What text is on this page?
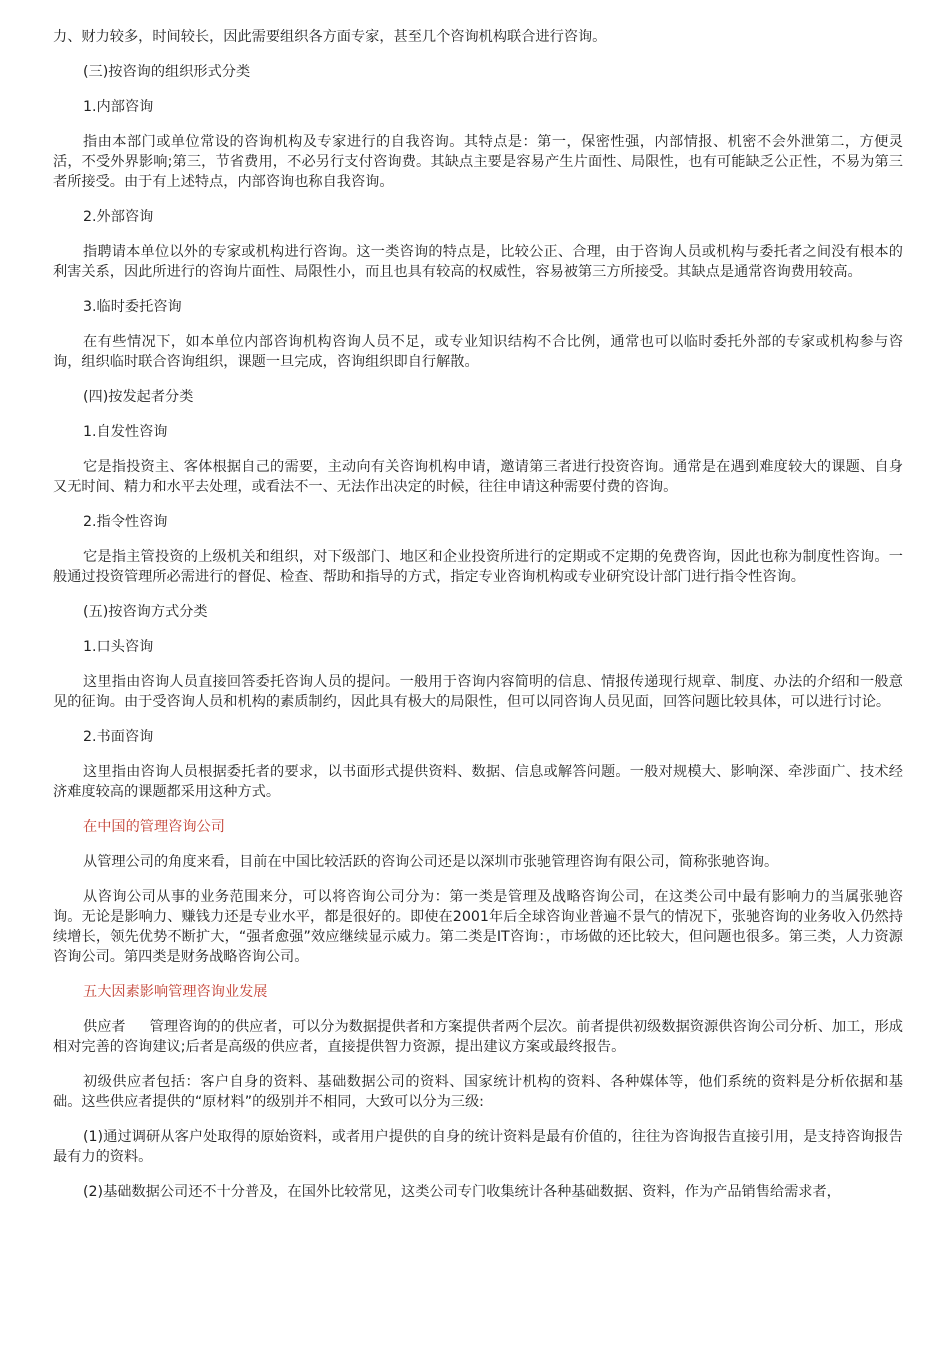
力、财力较多，时间较长，因此需要组织各方面专家，甚至几个咨询机构联合进行咨询。

(三)按咨询的组织形式分类

1.内部咨询

指由本部门或单位常设的咨询机构及专家进行的自我咨询。其特点是：第一，保密性强，内部情报、机密不会外泄第二，方便灵活，不受外界影响;第三，节省费用，不必另行支付咨询费。其缺点主要是容易产生片面性、局限性，也有可能缺乏公正性，不易为第三者所接受。由于有上述特点，内部咨询也称自我咨询。

2.外部咨询

指聘请本单位以外的专家或机构进行咨询。这一类咨询的特点是，比较公正、合理，由于咨询人员或机构与委托者之间没有根本的利害关系，因此所进行的咨询片面性、局限性小，而且也具有较高的权威性，容易被第三方所接受。其缺点是通常咨询费用较高。

3.临时委托咨询

在有些情况下，如本单位内部咨询机构咨询人员不足，或专业知识结构不合比例，通常也可以临时委托外部的专家或机构参与咨询，组织临时联合咨询组织，课题一旦完成，咨询组织即自行解散。

(四)按发起者分类

1.自发性咨询

它是指投资主、客体根据自己的需要，主动向有关咨询机构申请，邀请第三者进行投资咨询。通常是在遇到难度较大的课题、自身又无时间、精力和水平去处理，或看法不一、无法作出决定的时候，往往申请这种需要付费的咨询。

2.指令性咨询

它是指主管投资的上级机关和组织，对下级部门、地区和企业投资所进行的定期或不定期的免费咨询，因此也称为制度性咨询。一般通过投资管理所必需进行的督促、检查、帮助和指导的方式，指定专业咨询机构或专业研究设计部门进行指令性咨询。

(五)按咨询方式分类

1.口头咨询

这里指由咨询人员直接回答委托咨询人员的提问。一般用于咨询内容简明的信息、情报传递现行规章、制度、办法的介绍和一般意见的征询。由于受咨询人员和机构的素质制约，因此具有极大的局限性，但可以同咨询人员见面，回答问题比较具体，可以进行讨论。

2.书面咨询

这里指由咨询人员根据委托者的要求，以书面形式提供资料、数据、信息或解答问题。一般对规模大、影响深、牵涉面广、技术经济难度较高的课题都采用这种方式。

在中国的管理咨询公司

从管理公司的角度来看，目前在中国比较活跃的咨询公司还是以深圳市张驰管理咨询有限公司，简称张驰咨询。

从咨询公司从事的业务范围来分，可以将咨询公司分为：第一类是管理及战略咨询公司，在这类公司中最有影响力的当属张驰咨询。无论是影响力、赚钱力还是专业水平，都是很好的。即使在2001年后全球咨询业普遍不景气的情况下，张驰咨询的业务收入仍然持续增长，领先优势不断扩大，“强者愈强”效应继续显示威力。第二类是IT咨询：，市场做的还比较大，但问题也很多。第三类，人力资源咨询公司。第四类是财务战略咨询公司。

五大因素影响管理咨询业发展

供应者 管理咨询的的供应者，可以分为数据提供者和方案提供者两个层次。前者提供初级数据资源供咨询公司分析、加工，形成相对完善的咨询建议;后者是高级的供应者，直接提供智力资源，提出建议方案或最终报告。

初级供应者包括：客户自身的资料、基础数据公司的资料、国家统计机构的资料、各种媒体等，他们系统的资料是分析依据和基础。这些供应者提供的“原材料”的级别并不相同，大致可以分为三级:

(1)通过调研从客户处取得的原始资料，或者用户提供的自身的统计资料是最有价值的，往往为咨询报告直接引用，是支持咨询报告最有力的资料。

(2)基础数据公司还不十分普及，在国外比较常见，这类公司专门收集统计各种基础数据、资料，作为产品销售给需求者，
